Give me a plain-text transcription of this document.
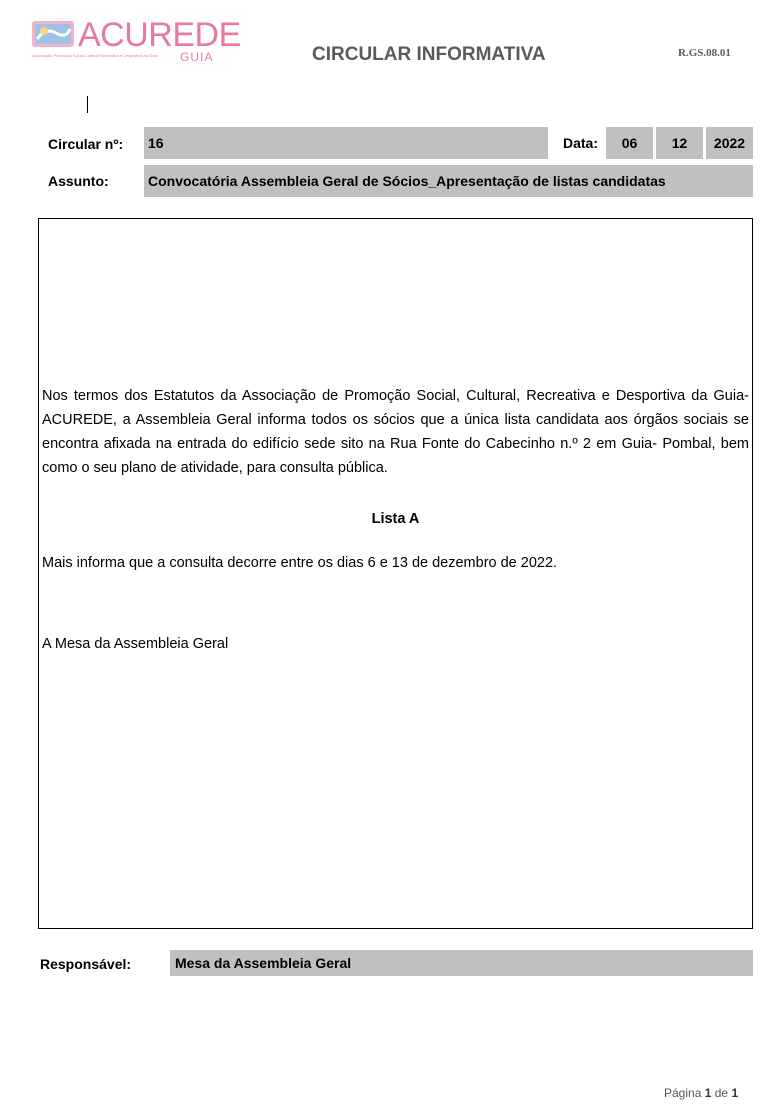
ACUREDE
GUIA
Associação Promoção Social Cultural Recreativa e Desportiva da Guia	CIRCULAR INFORMATIVA	R.GS.08.01
Circular nº: 16	Data:	06	12	2022
Assunto:	Convocatória Assembleia Geral de Sócios_Apresentação de listas candidatas
Nos termos dos Estatutos da Associação de Promoção Social, Cultural, Recreativa e Desportiva da Guia- ACUREDE, a Assembleia Geral informa todos os sócios que a única lista candidata aos órgãos sociais se encontra afixada na entrada do edifício sede sito na Rua Fonte do Cabecinho n.º 2 em Guia- Pombal, bem como o seu plano de atividade, para consulta pública.
Lista A
Mais informa que a consulta decorre entre os dias 6 e 13 de dezembro de 2022.
A Mesa da Assembleia Geral
Responsável:	Mesa da Assembleia Geral
Página 1 de 1
